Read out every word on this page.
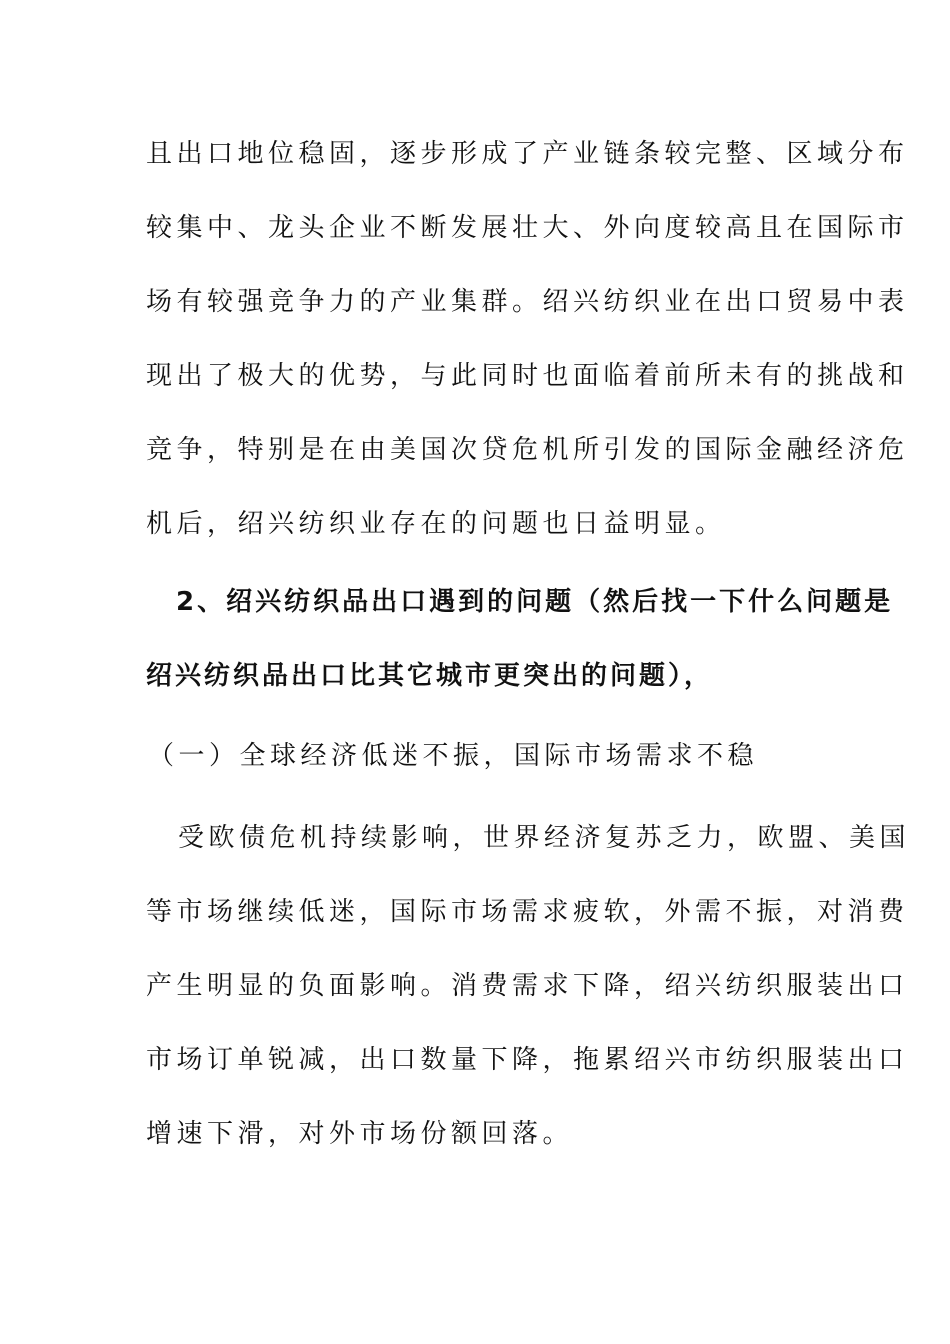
且出口地位稳固，逐步形成了产业链条较完整、区域分布
较集中、龙头企业不断发展壮大、外向度较高且在国际市
场有较强竞争力的产业集群。绍兴纺织业在出口贸易中表
现出了极大的优势，与此同时也面临着前所未有的挑战和
竞争，特别是在由美国次贷危机所引发的国际金融经济危
机后，绍兴纺织业存在的问题也日益明显。
2、绍兴纺织品出口遇到的问题（然后找一下什么问题是
绍兴纺织品出口比其它城市更突出的问题），
（一）全球经济低迷不振，国际市场需求不稳
受欧债危机持续影响，世界经济复苏乏力，欧盟、美国
等市场继续低迷，国际市场需求疲软，外需不振，对消费
产生明显的负面影响。消费需求下降，绍兴纺织服装出口
市场订单锐减，出口数量下降，拖累绍兴市纺织服装出口
增速下滑，对外市场份额回落。
